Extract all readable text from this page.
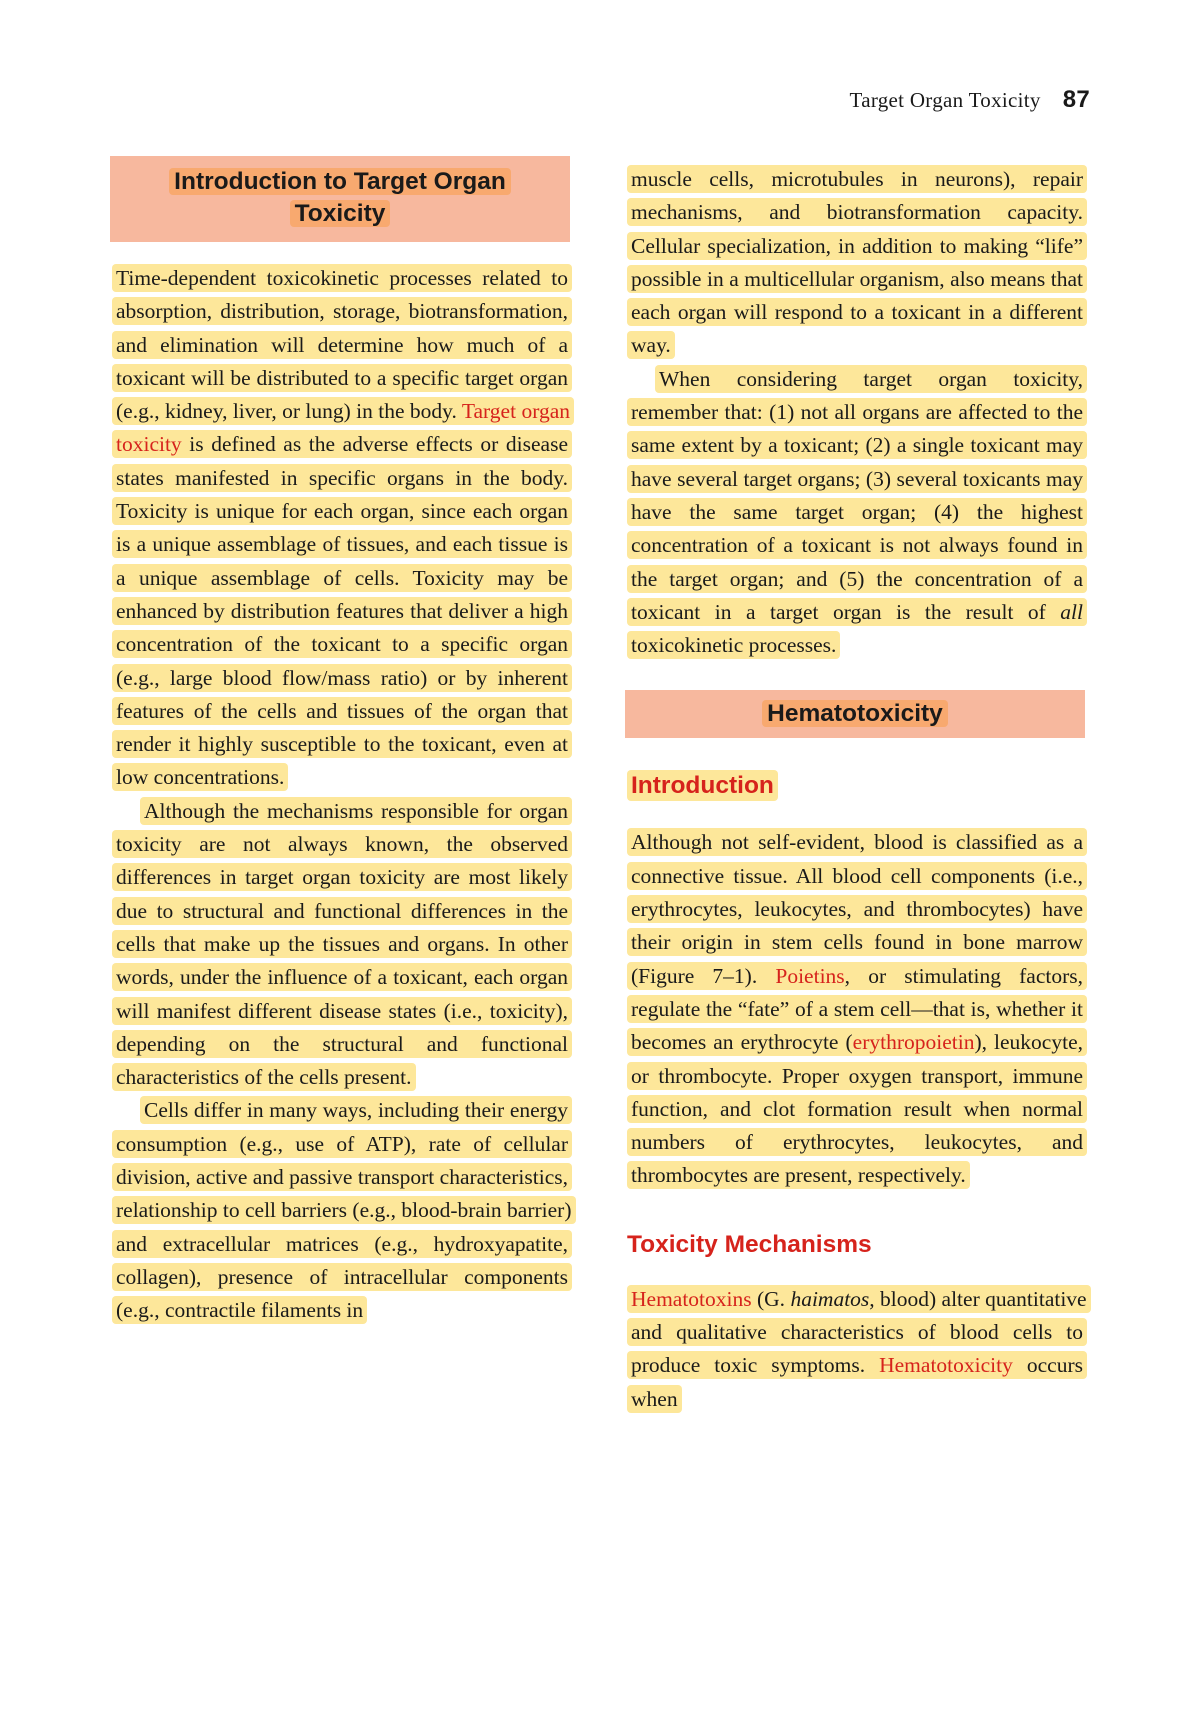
Target Organ Toxicity 87
Introduction to Target Organ
Toxicity

Time-dependent toxicokinetic processes related to absorption, distribution, storage, biotransformation, and elimination will determine how much of a toxicant will be distributed to a specific target organ (e.g., kidney, liver, or lung) in the body. Target organ toxicity is defined as the adverse effects or disease states manifested in specific organs in the body. Toxicity is unique for each organ, since each organ is a unique assemblage of tissues, and each tissue is a unique assemblage of cells. Toxicity may be enhanced by distribution features that deliver a high concentration of the toxicant to a specific organ (e.g., large blood flow/mass ratio) or by inherent features of the cells and tissues of the organ that render it highly susceptible to the toxicant, even at low concentrations.

Although the mechanisms responsible for organ toxicity are not always known, the observed differences in target organ toxicity are most likely due to structural and functional differences in the cells that make up the tissues and organs. In other words, under the influence of a toxicant, each organ will manifest different disease states (i.e., toxicity), depending on the structural and functional characteristics of the cells present.

Cells differ in many ways, including their energy consumption (e.g., use of ATP), rate of cellular division, active and passive transport characteristics, relationship to cell barriers (e.g., blood-brain barrier) and extracellular matrices (e.g., hydroxyapatite, collagen), presence of intracellular components (e.g., contractile filaments in

muscle cells, microtubules in neurons), repair mechanisms, and biotransformation capacity. Cellular specialization, in addition to making “life” possible in a multicellular organism, also means that each organ will respond to a toxicant in a different way.

When considering target organ toxicity, remember that: (1) not all organs are affected to the same extent by a toxicant; (2) a single toxicant may have several target organs; (3) several toxicants may have the same target organ; (4) the highest concentration of a toxicant is not always found in the target organ; and (5) the concentration of a toxicant in a target organ is the result of all toxicokinetic processes.

Hematotoxicity
Introduction

Although not self-evident, blood is classified as a connective tissue. All blood cell components (i.e., erythrocytes, leukocytes, and thrombocytes) have their origin in stem cells found in bone marrow (Figure 7–1). Poietins, or stimulating factors, regulate the “fate” of a stem cell—that is, whether it becomes an erythrocyte (erythropoietin), leukocyte, or thrombocyte. Proper oxygen transport, immune function, and clot formation result when normal numbers of erythrocytes, leukocytes, and thrombocytes are present, respectively.

Toxicity Mechanisms

Hematotoxins (G. haimatos, blood) alter quantitative and qualitative characteristics of blood cells to produce toxic symptoms. Hematotoxicity occurs when
